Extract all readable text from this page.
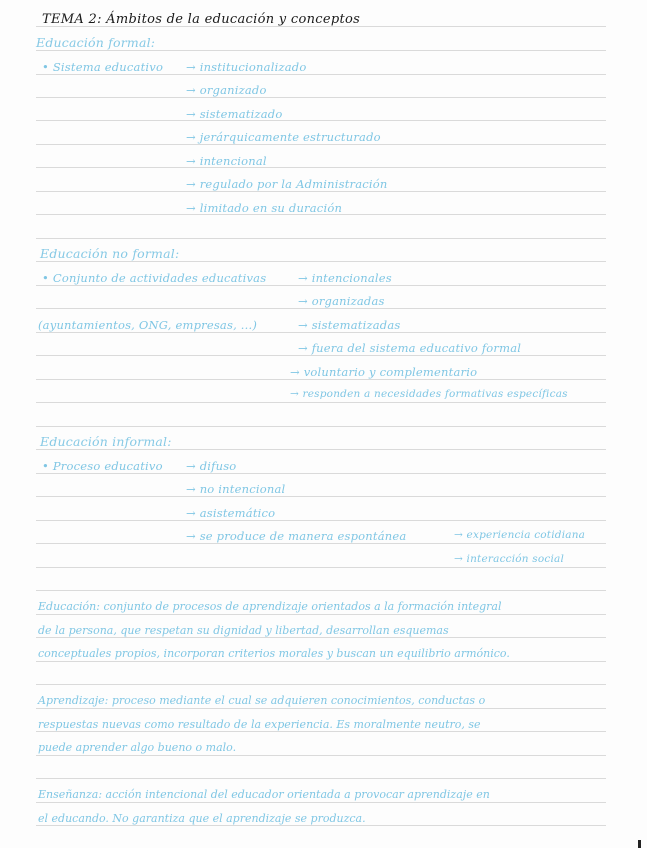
TEMA 2: Ámbitos de la educación y conceptos
Educación formal:
• Sistema educativo → institucionalizado
→ organizado
→ sistematizado
→ jerárquicamente estructurado
→ intencional
→ regulado por la Administración
→ limitado en su duración
Educación no formal:
• Conjunto de actividades educativas	→ intencionales
→ organizadas
(ayuntamientos, ONG, empresas, ...)	→ sistematizadas
→ fuera del sistema educativo formal
→ voluntario y complementario
→ responden a necesidades formativas específicas
Educación informal:
• Proceso educativo → difuso
→ no intencional
→ asistemático
→ se produce de manera espontánea	→ experiencia cotidiana
→ interacción social
Educación: conjunto de procesos de aprendizaje orientados a la formación integral
de la persona, que respetan su dignidad y libertad, desarrollan esquemas
conceptuales propios, incorporan criterios morales y buscan un equilibrio armónico.
Aprendizaje: proceso mediante el cual se adquieren conocimientos, conductas o
respuestas nuevas como resultado de la experiencia. Es moralmente neutro, se
puede aprender algo bueno o malo.
Enseñanza: acción intencional del educador orientada a provocar aprendizaje en
el educando. No garantiza que el aprendizaje se produzca.
